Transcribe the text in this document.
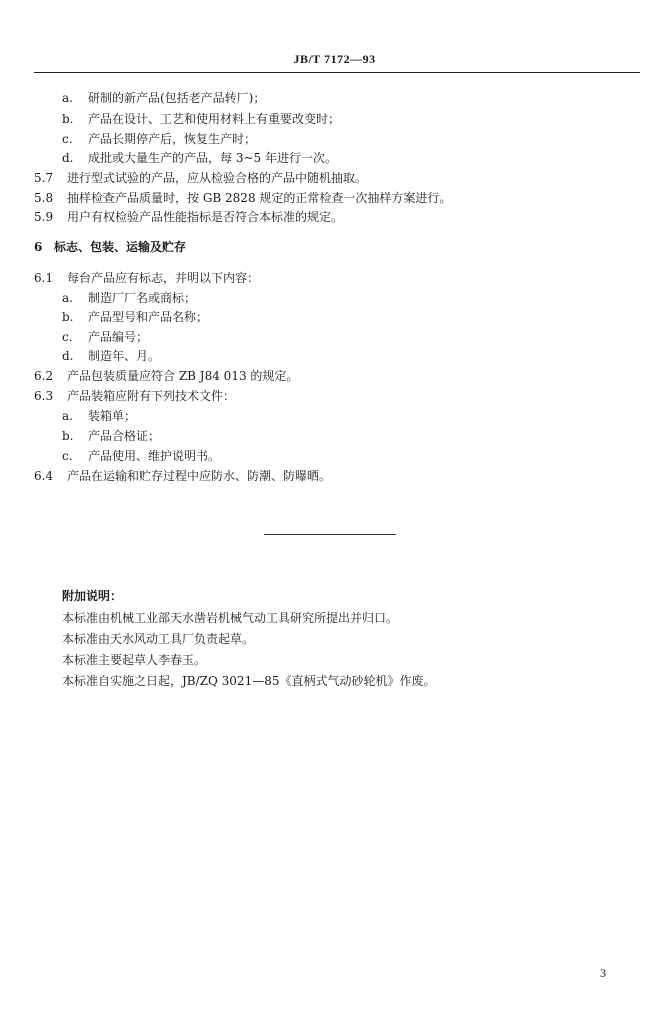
JB/T 7172—93
a. 研制的新产品(包括老产品转厂)；
b. 产品在设计、工艺和使用材料上有重要改变时；
c. 产品长期停产后，恢复生产时；
d. 成批或大量生产的产品，每 3~5 年进行一次。
5.7 进行型式试验的产品，应从检验合格的产品中随机抽取。
5.8 抽样检查产品质量时，按 GB 2828 规定的正常检查一次抽样方案进行。
5.9 用户有权检验产品性能指标是否符合本标准的规定。
6 标志、包装、运输及贮存
6.1 每台产品应有标志，并明以下内容：
a. 制造厂厂名或商标；
b. 产品型号和产品名称；
c. 产品编号；
d. 制造年、月。
6.2 产品包装质量应符合 ZB J84 013 的规定。
6.3 产品装箱应附有下列技术文件：
a. 装箱单；
b. 产品合格证；
c. 产品使用、维护说明书。
6.4 产品在运输和贮存过程中应防水、防潮、防曝晒。
附加说明：
本标准由机械工业部天水凿岩机械气动工具研究所提出并归口。
本标准由天水风动工具厂负责起草。
本标准主要起草人李春玉。
本标准自实施之日起，JB/ZQ 3021—85《直柄式气动砂轮机》作废。
3
